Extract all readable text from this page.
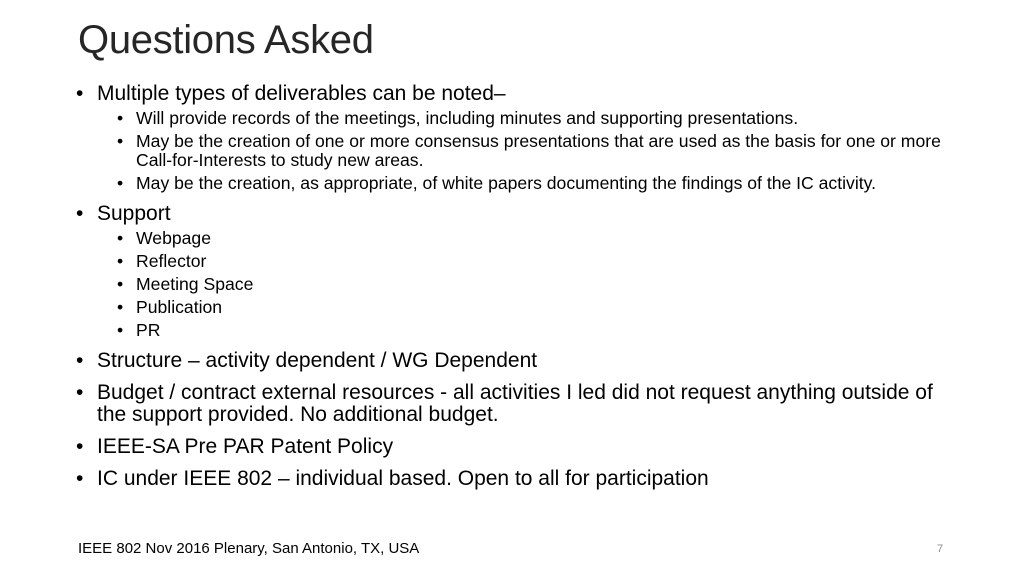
Questions Asked
• Multiple types of deliverables can be noted–
• Will provide records of the meetings, including minutes and supporting presentations.
• May be the creation of one or more consensus presentations that are used as the basis for one or more Call-for-Interests to study new areas.
• May be the creation, as appropriate, of white papers documenting the findings of the IC activity.
• Support
• Webpage
• Reflector
• Meeting Space
• Publication
• PR
• Structure – activity dependent / WG Dependent
• Budget / contract external resources - all activities I led did not request anything outside of the support provided. No additional budget.
• IEEE-SA Pre PAR Patent Policy
• IC under IEEE 802 – individual based. Open to all for participation
IEEE 802 Nov 2016 Plenary, San Antonio, TX, USA	7
